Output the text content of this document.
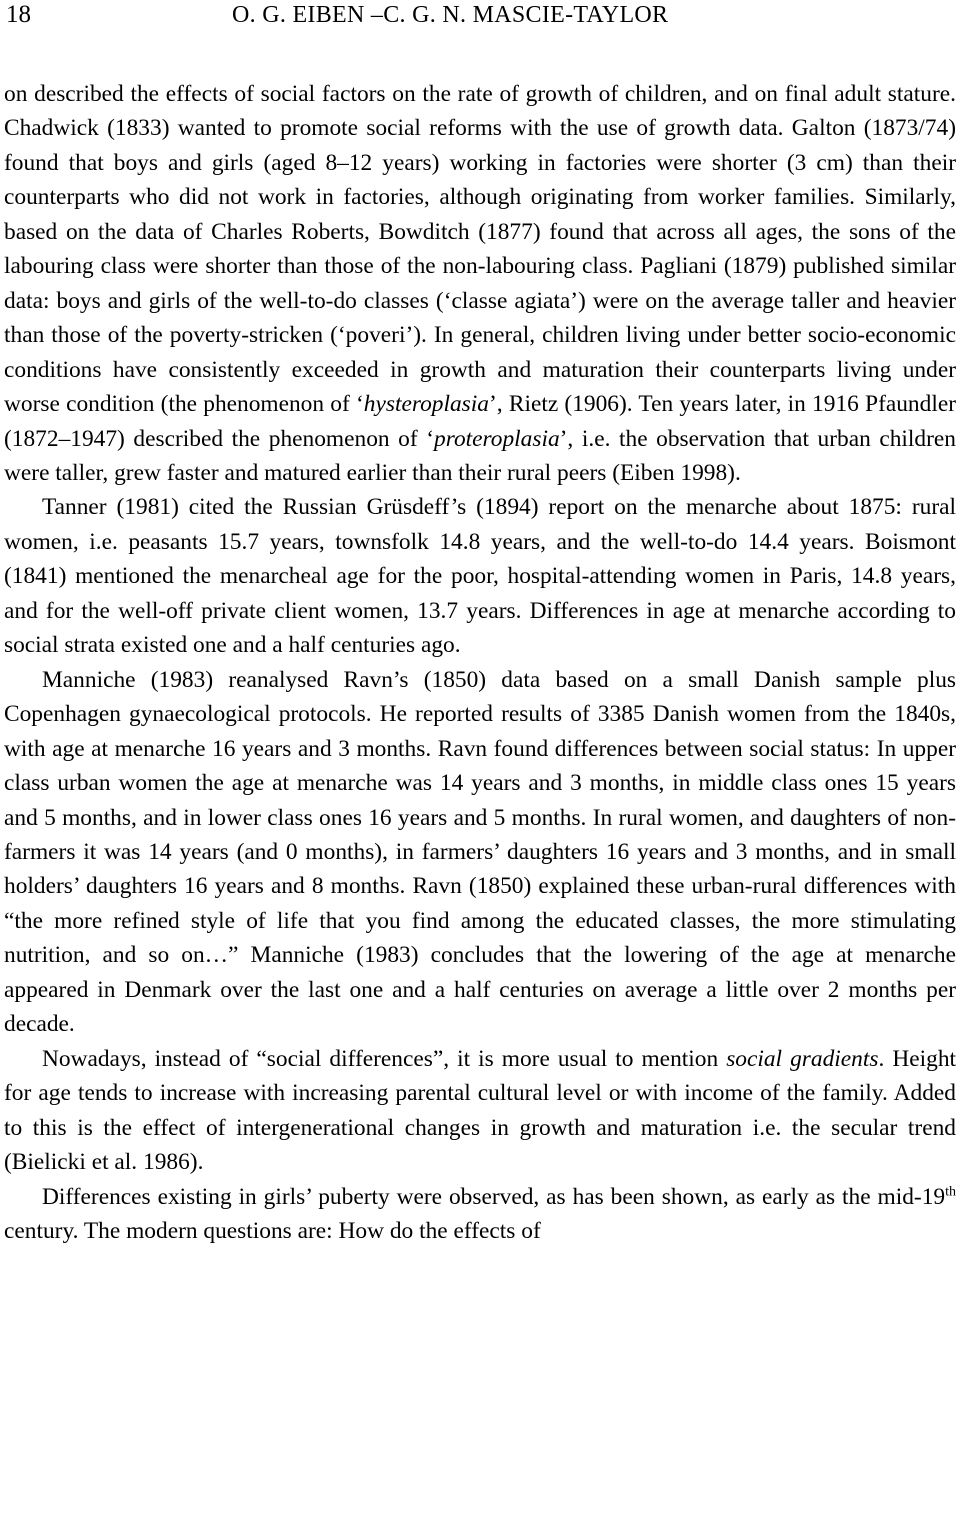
18	O. G. EIBEN –C. G. N. MASCIE-TAYLOR

on described the effects of social factors on the rate of growth of children, and on final adult stature. Chadwick (1833) wanted to promote social reforms with the use of growth data. Galton (1873/74) found that boys and girls (aged 8–12 years) working in factories were shorter (3 cm) than their counterparts who did not work in factories, although originating from worker families. Similarly, based on the data of Charles Roberts, Bowditch (1877) found that across all ages, the sons of the labouring class were shorter than those of the non-labouring class. Pagliani (1879) published similar data: boys and girls of the well-to-do classes (‘classe agiata’) were on the average taller and heavier than those of the poverty-stricken (‘poveri’). In general, children living under better socio-economic conditions have consistently exceeded in growth and maturation their counterparts living under worse condition (the phenomenon of ‘hysteroplasia’, Rietz (1906). Ten years later, in 1916 Pfaundler (1872–1947) described the phenomenon of ‘proteroplasia’, i.e. the observation that urban children were taller, grew faster and matured earlier than their rural peers (Eiben 1998).

Tanner (1981) cited the Russian Grüsdeff’s (1894) report on the menarche about 1875: rural women, i.e. peasants 15.7 years, townsfolk 14.8 years, and the well-to-do 14.4 years. Boismont (1841) mentioned the menarcheal age for the poor, hospital-attending women in Paris, 14.8 years, and for the well-off private client women, 13.7 years. Differences in age at menarche according to social strata existed one and a half centuries ago.

Manniche (1983) reanalysed Ravn’s (1850) data based on a small Danish sample plus Copenhagen gynaecological protocols. He reported results of 3385 Danish women from the 1840s, with age at menarche 16 years and 3 months. Ravn found differences between social status: In upper class urban women the age at menarche was 14 years and 3 months, in middle class ones 15 years and 5 months, and in lower class ones 16 years and 5 months. In rural women, and daughters of non-farmers it was 14 years (and 0 months), in farmers’ daughters 16 years and 3 months, and in small holders’ daughters 16 years and 8 months. Ravn (1850) explained these urban-rural differences with “the more refined style of life that you find among the educated classes, the more stimulating nutrition, and so on…” Manniche (1983) concludes that the lowering of the age at menarche appeared in Denmark over the last one and a half centuries on average a little over 2 months per decade.

Nowadays, instead of “social differences”, it is more usual to mention social gradients. Height for age tends to increase with increasing parental cultural level or with income of the family. Added to this is the effect of intergenerational changes in growth and maturation i.e. the secular trend (Bielicki et al. 1986).

Differences existing in girls’ puberty were observed, as has been shown, as early as the mid-19th century. The modern questions are: How do the effects of
